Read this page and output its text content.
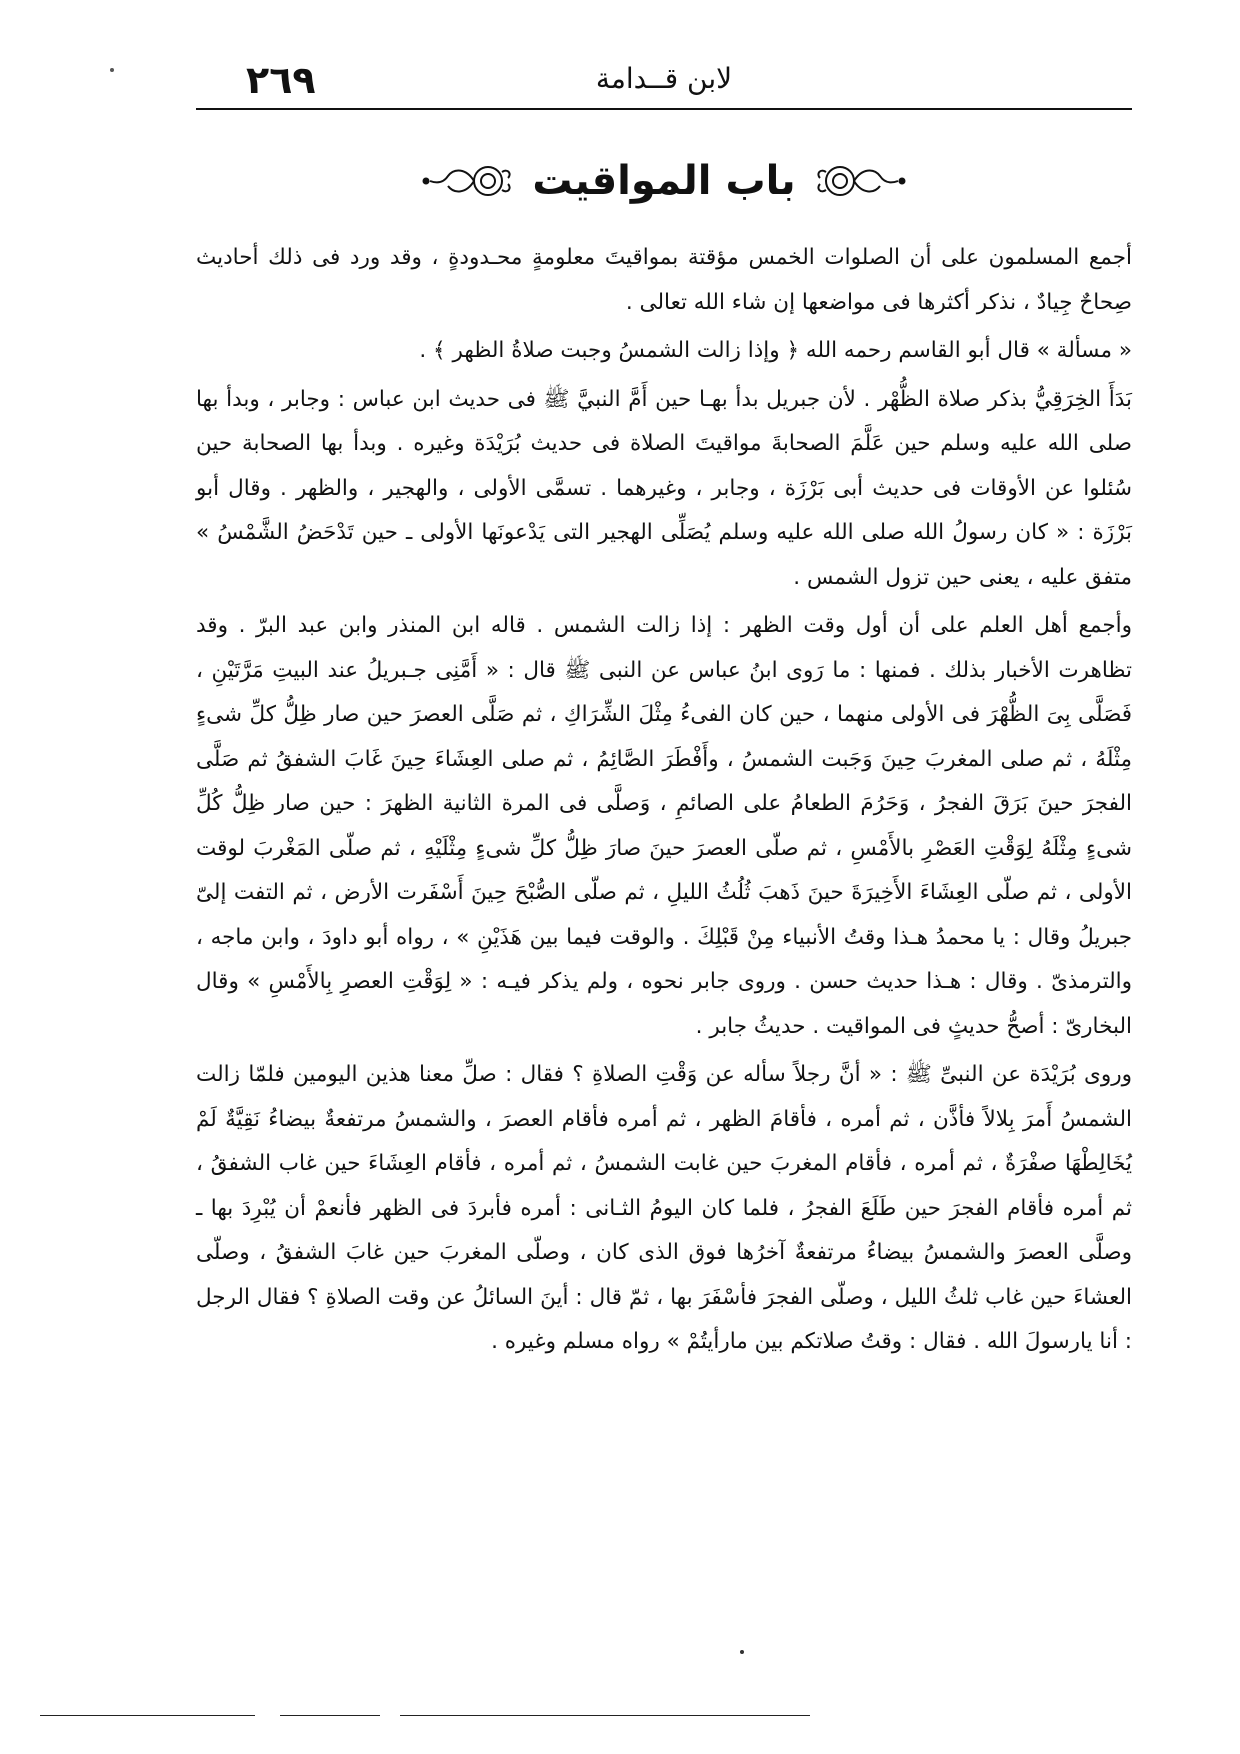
٢٦٩	لابن قــدامة
باب المواقيت

أجمع المسلمون على أن الصلوات الخمس مؤقتة بمواقيتَ معلومةٍ محـدودةٍ ، وقد ورد فى ذلك أحاديث صِحاحٌ جِيادٌ ، نذكر أكثرها فى مواضعها إن شاء الله تعالى .

« مسألة » قال أبو القاسم رحمه الله ﴿ وإذا زالت الشمسُ وجبت صلاةُ الظهر ﴾ .

بَدَأَ الخِرَقِيُّ بذكر صلاة الظُّهْر . لأن جبريل بدأ بهـا حين أَمَّ النبيَّ ﷺ فى حديث ابن عباس : وجابر ، وبدأ بها صلى الله عليه وسلم حين عَلَّمَ الصحابةَ مواقيتَ الصلاة فى حديث بُرَيْدَة وغيره . وبدأ بها الصحابة حين سُئلوا عن الأوقات فى حديث أبى بَرْزَة ، وجابر ، وغيرهما . تسمَّى الأولى ، والهجير ، والظهر . وقال أبو بَرْزَة : « كان رسولُ الله صلى الله عليه وسلم يُصَلِّى الهجير التى يَدْعونَها الأولى ـ حين تَدْحَضُ الشَّمْسُ » متفق عليه ، يعنى حين تزول الشمس .

وأجمع أهل العلم على أن أول وقت الظهر : إذا زالت الشمس . قاله ابن المنذر وابن عبد البرّ . وقد تظاهرت الأخبار بذلك . فمنها : ما رَوى ابنُ عباس عن النبى ﷺ قال : « أَمَّنِى جـبريلُ عند البيتِ مَرَّتَيْنِ ، فَصَلَّى بِىَ الظُّهْرَ فى الأولى منهما ، حين كان الفىءُ مِثْلَ الشِّرَاكِ ، ثم صَلَّى العصرَ حين صار ظِلُّ كلِّ شىءٍ مِثْلَهُ ، ثم صلى المغربَ حِينَ وَجَبت الشمسُ ، وأَفْطَرَ الصَّائِمُ ، ثم صلى العِشَاءَ حِينَ غَابَ الشفقُ ثم صَلَّى الفجرَ حينَ بَرَقَ الفجرُ ، وَحَرُمَ الطعامُ على الصائمِ ، وَصلَّى فى المرة الثانية الظهرَ : حين صار ظِلُّ كُلِّ شىءٍ مِثْلَهُ لِوَقْتِ العَصْرِ بالأَمْسِ ، ثم صلّى العصرَ حينَ صارَ ظِلُّ كلِّ شىءٍ مِثْلَيْهِ ، ثم صلّى المَغْربَ لوقت الأولى ، ثم صلّى العِشَاءَ الأَخِيرَةَ حينَ ذَهبَ ثُلُثُ الليلِ ، ثم صلّى الصُّبْحَ حِينَ أَسْفَرت الأرض ، ثم التفت إلىّ جبريلُ وقال : يا محمدُ هـذا وقتُ الأنبياء مِنْ قَبْلِكَ . والوقت فيما بين هَذَيْنِ » ، رواه أبو داودَ ، وابن ماجه ، والترمذىّ . وقال : هـذا حديث حسن . وروى جابر نحوه ، ولم يذكر فيـه : « لِوَقْتِ العصرِ بِالأَمْسِ » وقال البخارىّ : أصحُّ حديثٍ فى المواقيت . حديثُ جابر .

وروى بُرَيْدَة عن النبىِّ ﷺ : « أنَّ رجلاً سأله عن وَقْتِ الصلاةِ ؟ فقال : صلِّ معنا هذين اليومين فلمّا زالت الشمسُ أَمرَ بِلالاً فأذَّن ، ثم أمره ، فأقامَ الظهر ، ثم أمره فأقام العصرَ ، والشمسُ مرتفعةٌ بيضاءُ نَقِيَّةٌ لَمْ يُخَالِطْهَا صفْرَةٌ ، ثم أمره ، فأقام المغربَ حين غابت الشمسُ ، ثم أمره ، فأقام العِشَاءَ حين غاب الشفقُ ، ثم أمره فأقام الفجرَ حين طَلَعَ الفجرُ ، فلما كان اليومُ الثـانى : أمره فأبردَ فى الظهر فأنعمْ أن يُبْرِدَ بها ـ وصلَّى العصرَ والشمسُ بيضاءُ مرتفعةٌ آخرُها فوق الذى كان ، وصلّى المغربَ حين غابَ الشفقُ ، وصلّى العشاءَ حين غاب ثلثُ الليل ، وصلّى الفجرَ فأسْفَرَ بها ، ثمّ قال : أينَ السائلُ عن وقت الصلاةِ ؟ فقال الرجل : أنا يارسولَ الله . فقال : وقتُ صلاتكم بين مارأيتُمْ » رواه مسلم وغيره .
